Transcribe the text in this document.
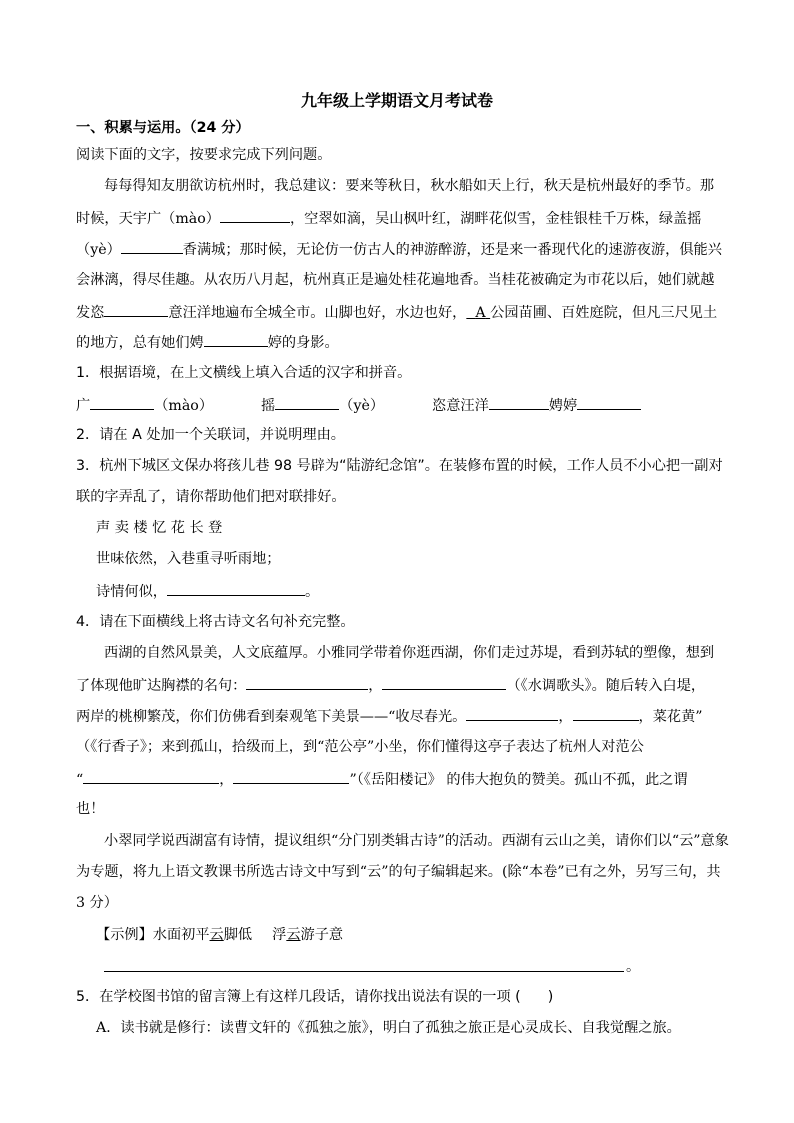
九年级上学期语文月考试卷
一、积累与运用。（24 分）
阅读下面的文字，按要求完成下列问题。
每每得知友朋欲访杭州时，我总建议：要来等秋日，秋水船如天上行，秋天是杭州最好的季节。那
时候，天宇广（mào）	，空翠如滴，吴山枫叶红，湖畔花似雪，金桂银桂千万株，绿盖摇
（yè）	香满城；那时候，无论仿一仿古人的神游醉游，还是来一番现代化的速游夜游，俱能兴
会淋漓，得尽佳趣。从农历八月起，杭州真正是遍处桂花遍地香。当桂花被确定为市花以后，她们就越
发恣	意汪洋地遍布全城全市。山脚也好，水边也好， A 公园苗圃、百姓庭院，但凡三尺见土
的地方，总有她们娉	婷的身影。
1．根据语境，在上文横线上填入合适的汉字和拼音。
广	（mào）	摇	（yè）	恣意汪洋	娉婷
2．请在 A 处加一个关联词，并说明理由。
3．杭州下城区文保办将孩儿巷 98 号辟为“陆游纪念馆”。在装修布置的时候，工作人员不小心把一副对
联的字弄乱了，请你帮助他们把对联排好。
声 卖 楼 忆 花 长 登
世味依然，入巷重寻听雨地；
诗情何似，	。
4．请在下面横线上将古诗文名句补充完整。
西湖的自然风景美，人文底蕴厚。小雅同学带着你逛西湖，你们走过苏堤，看到苏轼的塑像，想到
了体现他旷达胸襟的名句：	，	（《水调歌头》。随后转入白堤，
两岸的桃柳繁茂，你们仿佛看到秦观笔下美景——“收尽春光。	，	，菜花黄”
（《行香子》；来到孤山，拾级而上，到“范公亭”小坐，你们懂得这亭子表达了杭州人对范公
“	，	”（《岳阳楼记》 的伟大抱负的赞美。孤山不孤，此之谓
也！
小翠同学说西湖富有诗情，提议组织“分门别类辑古诗”的活动。西湖有云山之美，请你们以“云”意象
为专题，将九上语文教课书所选古诗文中写到“云”的句子编辑起来。(除“本卷”已有之外，另写三句，共
3 分）
【示例】水面初平云脚低 浮云游子意
。
5．在学校图书馆的留言簿上有这样几段话，请你找出说法有误的一项 (      )
A．读书就是修行：读曹文轩的《孤独之旅》，明白了孤独之旅正是心灵成长、自我觉醒之旅。
